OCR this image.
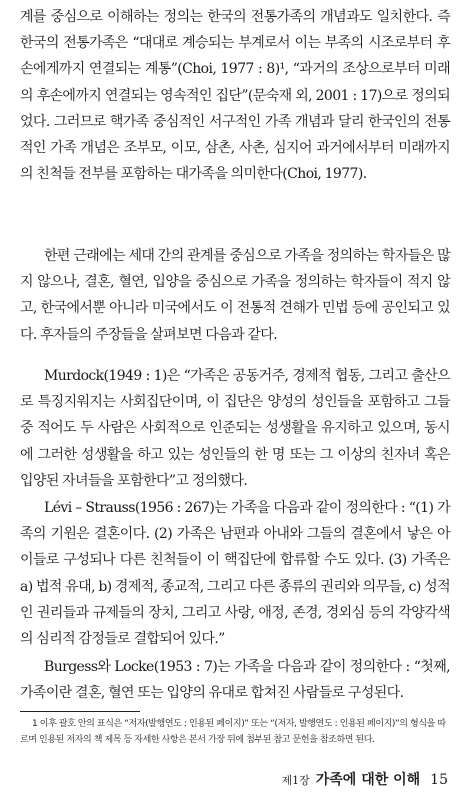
계를 중심으로 이해하는 정의는 한국의 전통가족의 개념과도 일치한다. 즉 한국의 전통가족은 “대대로 계승되는 부계로서 이는 부족의 시조로부터 후손에게까지 연결되는 계통”(Choi, 1977 : 8)¹, “과거의 조상으로부터 미래의 후손에까지 연결되는 영속적인 집단”(문숙재 외, 2001 : 17)으로 정의되었다. 그러므로 핵가족 중심적인 서구적인 가족 개념과 달리 한국인의 전통적인 가족 개념은 조부모, 이모, 삼촌, 사촌, 심지어 과거에서부터 미래까지의 친척들 전부를 포함하는 대가족을 의미한다(Choi, 1977).

한편 근래에는 세대 간의 관계를 중심으로 가족을 정의하는 학자들은 많지 않으나, 결혼, 혈연, 입양을 중심으로 가족을 정의하는 학자들이 적지 않고, 한국에서뿐 아니라 미국에서도 이 전통적 견해가 민법 등에 공인되고 있다. 후자들의 주장들을 살펴보면 다음과 같다.

Murdock(1949 : 1)은 “가족은 공동거주, 경제적 협동, 그리고 출산으로 특징지워지는 사회집단이며, 이 집단은 양성의 성인들을 포함하고 그들 중 적어도 두 사람은 사회적으로 인준되는 성생활을 유지하고 있으며, 동시에 그러한 성생활을 하고 있는 성인들의 한 명 또는 그 이상의 친자녀 혹은 입양된 자녀들을 포함한다”고 정의했다.

Lévi – Strauss(1956 : 267)는 가족을 다음과 같이 정의한다 : “(1) 가족의 기원은 결혼이다. (2) 가족은 남편과 아내와 그들의 결혼에서 낳은 아이들로 구성되나 다른 친척들이 이 핵집단에 합류할 수도 있다. (3) 가족은 a) 법적 유대, b) 경제적, 종교적, 그리고 다른 종류의 권리와 의무들, c) 성적인 권리들과 규제들의 장치, 그리고 사랑, 애정, 존경, 경외심 등의 각양각색의 심리적 감정들로 결합되어 있다.”

Burgess와 Locke(1953 : 7)는 가족을 다음과 같이 정의한다 : “첫째, 가족이란 결혼, 혈연 또는 입양의 유대로 합쳐진 사람들로 구성된다.

1 이후 괄호 안의 표식은 “저자(발행연도 : 인용된 페이지)” 또는 “(저자, 발행연도 : 인용된 페이지)”의 형식을 따르며 인용된 저자의 책 제목 등 자세한 사항은 본서 가장 뒤에 첨부된 참고 문헌을 참조하면 된다.

제1장 가족에 대한 이해 15
